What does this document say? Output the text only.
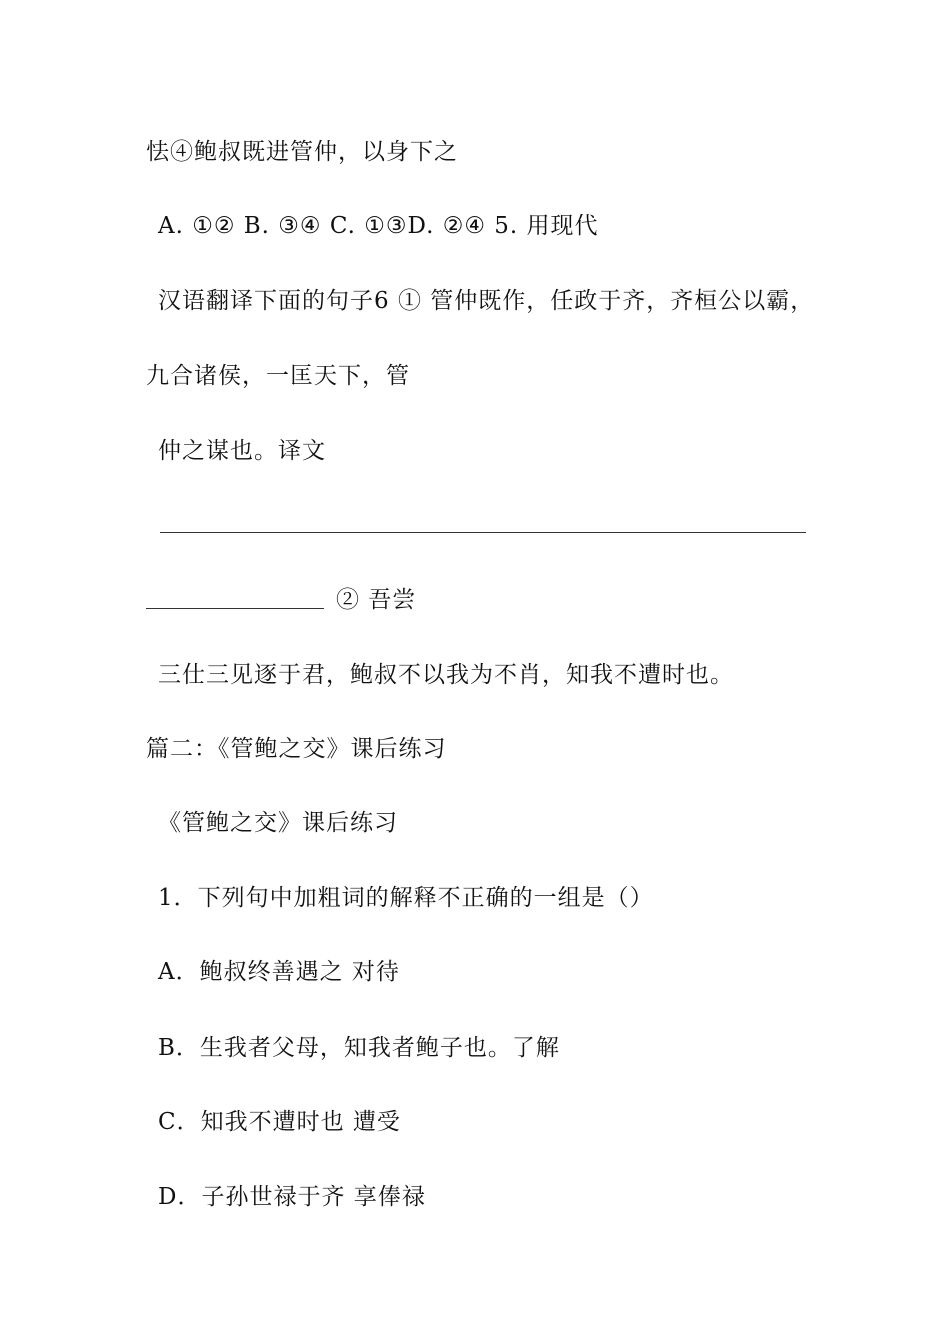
怯④鲍叔既进管仲，以身下之
A. ①② B. ③④ C. ①③D. ②④ 5. 用现代
汉语翻译下面的句子6 ① 管仲既作，任政于齐，齐桓公以霸，
九合诸侯，一匡天下，管
仲之谋也。译文
② 吾尝
三仕三见逐于君，鲍叔不以我为不肖，知我不遭时也。
篇二：《管鲍之交》课后练习
《管鲍之交》课后练习
1．下列句中加粗词的解释不正确的一组是（）
A．鲍叔终善遇之 对待
B．生我者父母，知我者鲍子也。了解
C．知我不遭时也 遭受
D．子孙世禄于齐 享俸禄
